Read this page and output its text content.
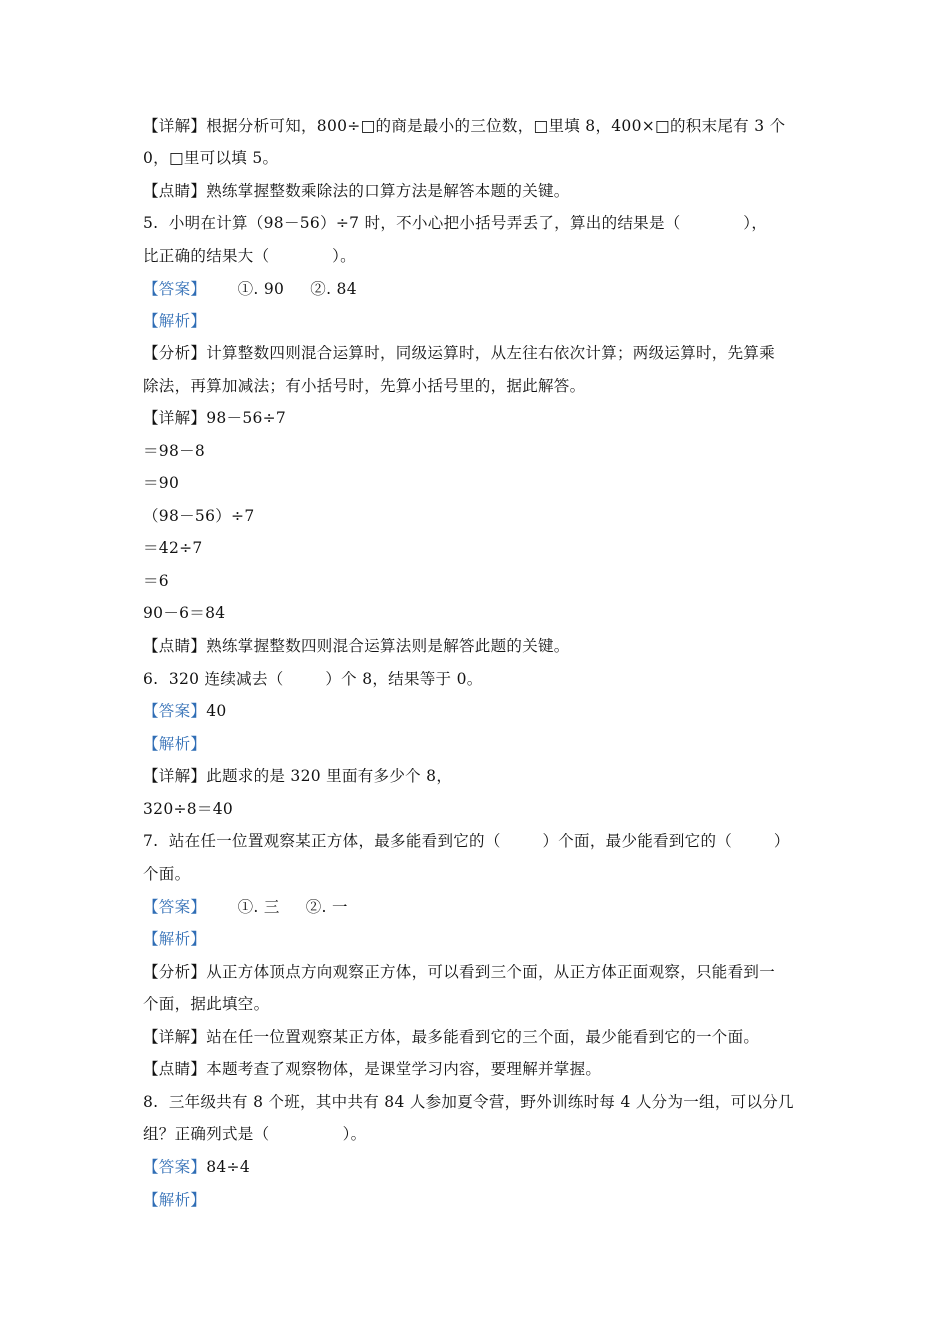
【详解】根据分析可知，800÷□的商是最小的三位数，□里填 8，400×□的积末尾有 3 个
0，□里可以填 5。
【点睛】熟练掌握整数乘除法的口算方法是解答本题的关键。
5.  小明在计算（98－56）÷7 时，不小心把小括号弄丢了，算出的结果是（            ），
比正确的结果大（            ）。
【答案】      ①. 90     ②. 84
【解析】
【分析】计算整数四则混合运算时，同级运算时，从左往右依次计算；两级运算时，先算乘
除法，再算加减法；有小括号时，先算小括号里的，据此解答。
【详解】98－56÷7
＝98－8
＝90
（98－56）÷7
＝42÷7
＝6
90－6＝84
【点睛】熟练掌握整数四则混合运算法则是解答此题的关键。
6.  320 连续减去（        ）个 8，结果等于 0。
【答案】40
【解析】
【详解】此题求的是 320 里面有多少个 8，
320÷8＝40
7.  站在任一位置观察某正方体，最多能看到它的（        ）个面，最少能看到它的（        ）
个面。
【答案】      ①. 三     ②. 一
【解析】
【分析】从正方体顶点方向观察正方体，可以看到三个面，从正方体正面观察，只能看到一
个面，据此填空。
【详解】站在任一位置观察某正方体，最多能看到它的三个面，最少能看到它的一个面。
【点睛】本题考查了观察物体，是课堂学习内容，要理解并掌握。
8.  三年级共有 8 个班，其中共有 84 人参加夏令营，野外训练时每 4 人分为一组，可以分几
组？正确列式是（              ）。
【答案】84÷4
【解析】
